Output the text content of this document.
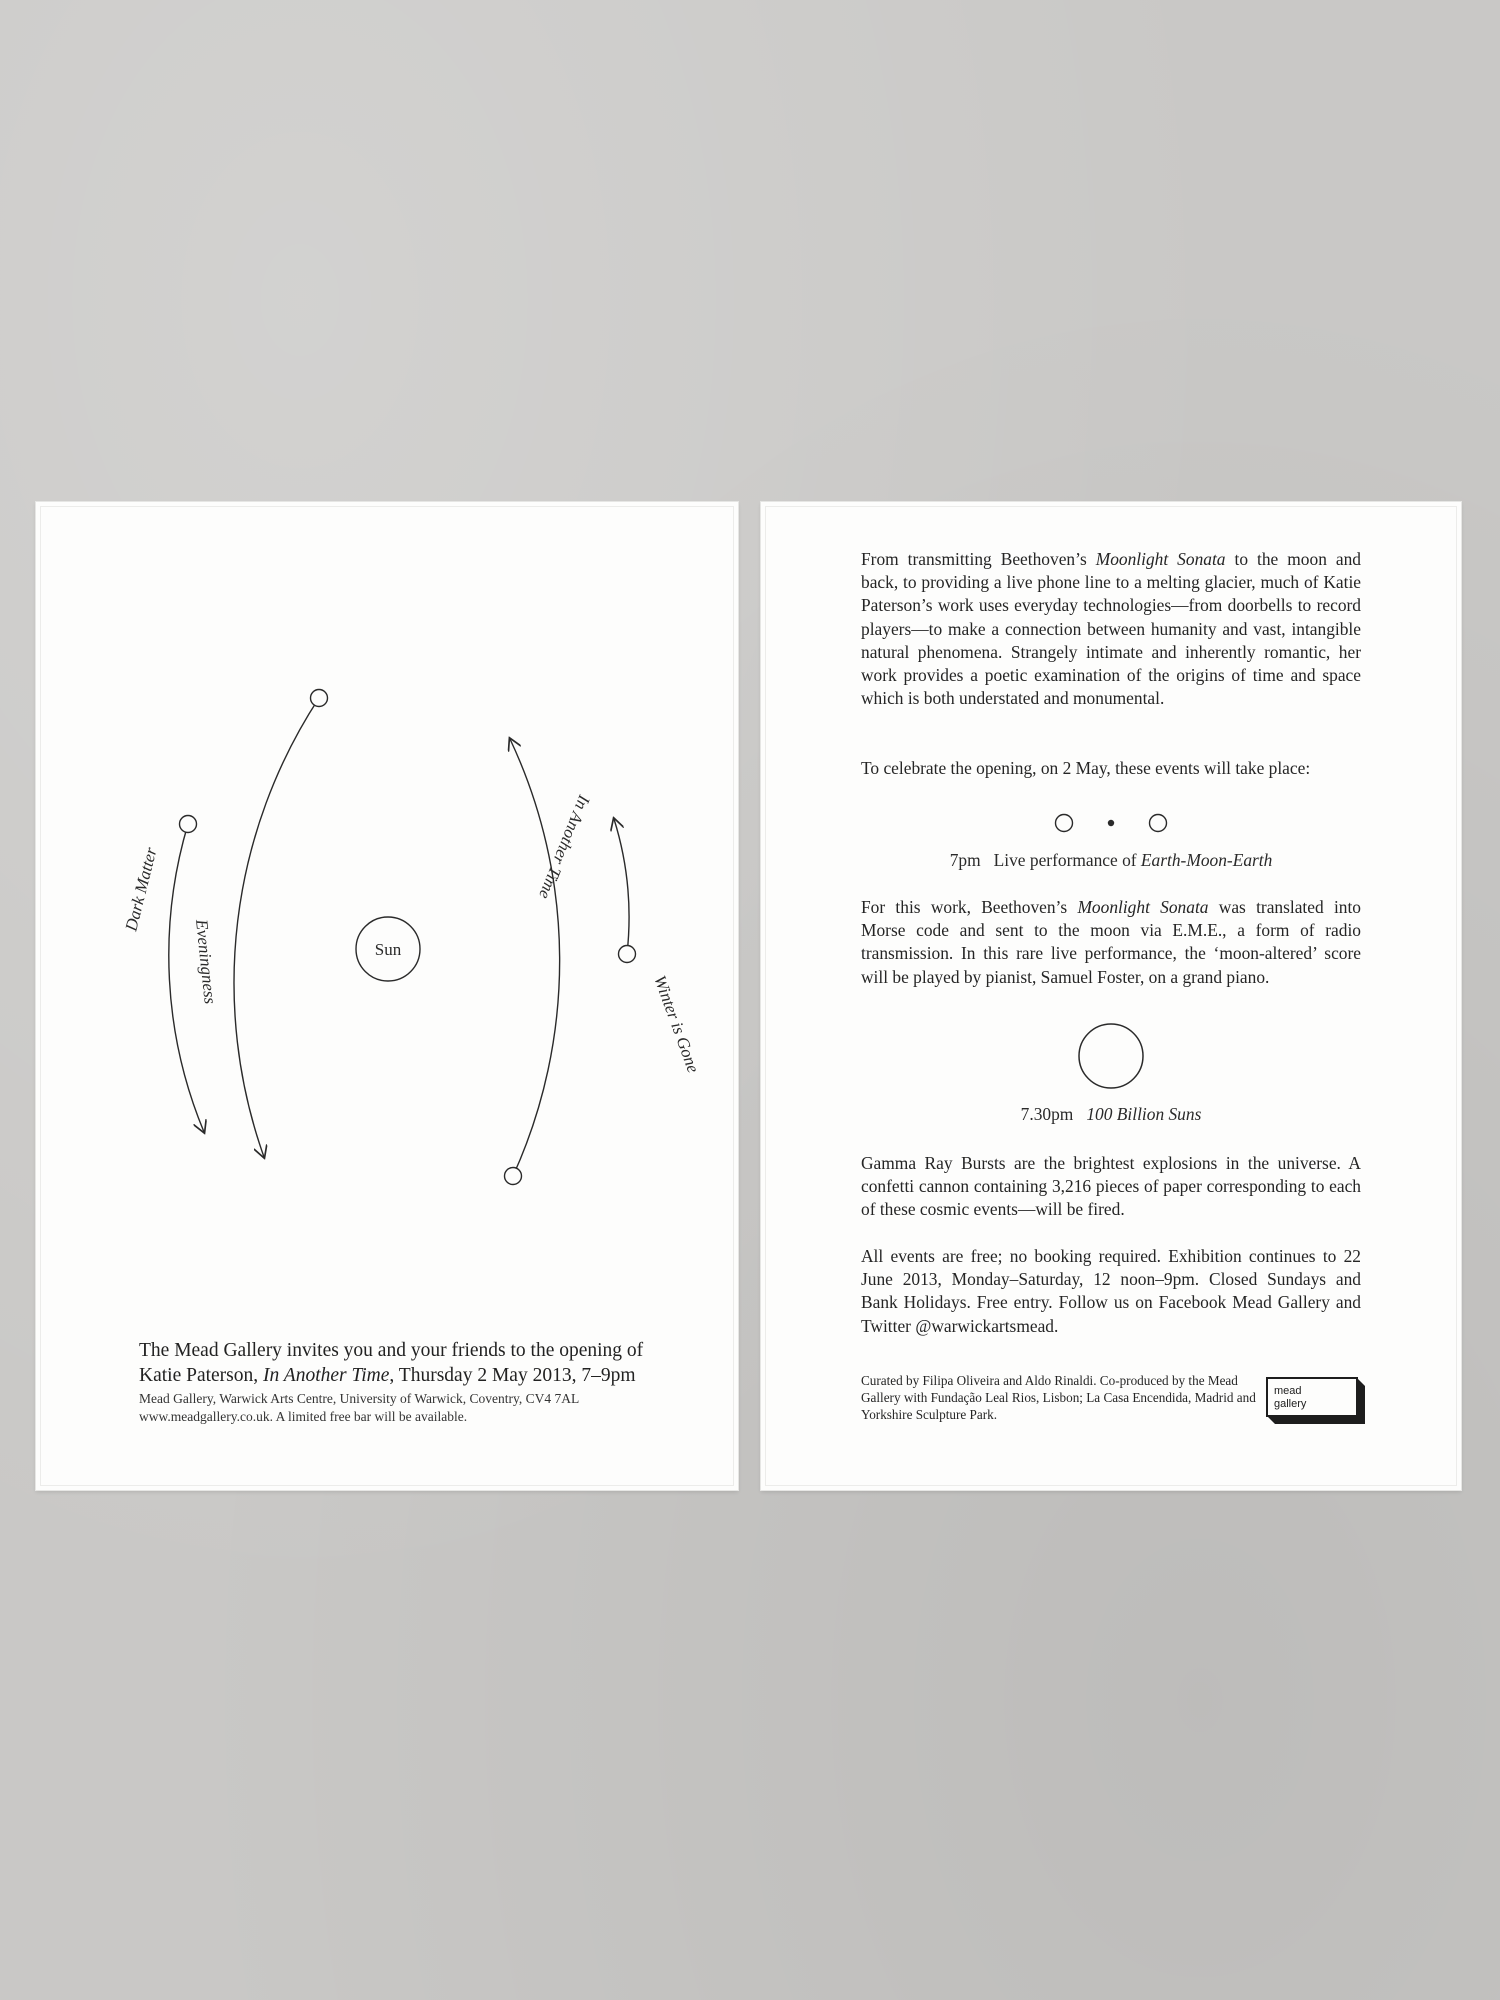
Sun
Dark Matter
Eveningness
In Another Time
Winter is Gone

The Mead Gallery invites you and your friends to the opening of

Katie Paterson, In Another Time, Thursday 2 May 2013, 7–9pm

Mead Gallery, Warwick Arts Centre, University of Warwick, Coventry, CV4 7AL

www.meadgallery.co.uk. A limited free bar will be available.

From transmitting Beethoven’s Moonlight Sonata to the moon and back, to providing a live phone line to a melting glacier, much of Katie Paterson’s work uses everyday technologies—from doorbells to record players—to make a connection between humanity and vast, intangible natural phenomena. Strangely intimate and inherently romantic, her work provides a poetic examination of the origins of time and space which is both understated and monumental.

To celebrate the opening, on 2 May, these events will take place:

7pm Live performance of Earth-Moon-Earth

For this work, Beethoven’s Moonlight Sonata was translated into Morse code and sent to the moon via E.M.E., a form of radio transmission. In this rare live performance, the ‘moon-altered’ score will be played by pianist, Samuel Foster, on a grand piano.

7.30pm 100 Billion Suns

Gamma Ray Bursts are the brightest explosions in the universe. A confetti cannon containing 3,216 pieces of paper corresponding to each of these cosmic events—will be fired.

All events are free; no booking required. Exhibition continues to 22 June 2013, Monday–Saturday, 12 noon–9pm. Closed Sundays and Bank Holidays. Free entry. Follow us on Facebook Mead Gallery and Twitter @warwickartsmead.

Curated by Filipa Oliveira and Aldo Rinaldi. Co-produced by the Mead Gallery with Fundação Leal Rios, Lisbon; La Casa Encendida, Madrid and Yorkshire Sculpture Park.

mead
gallery
